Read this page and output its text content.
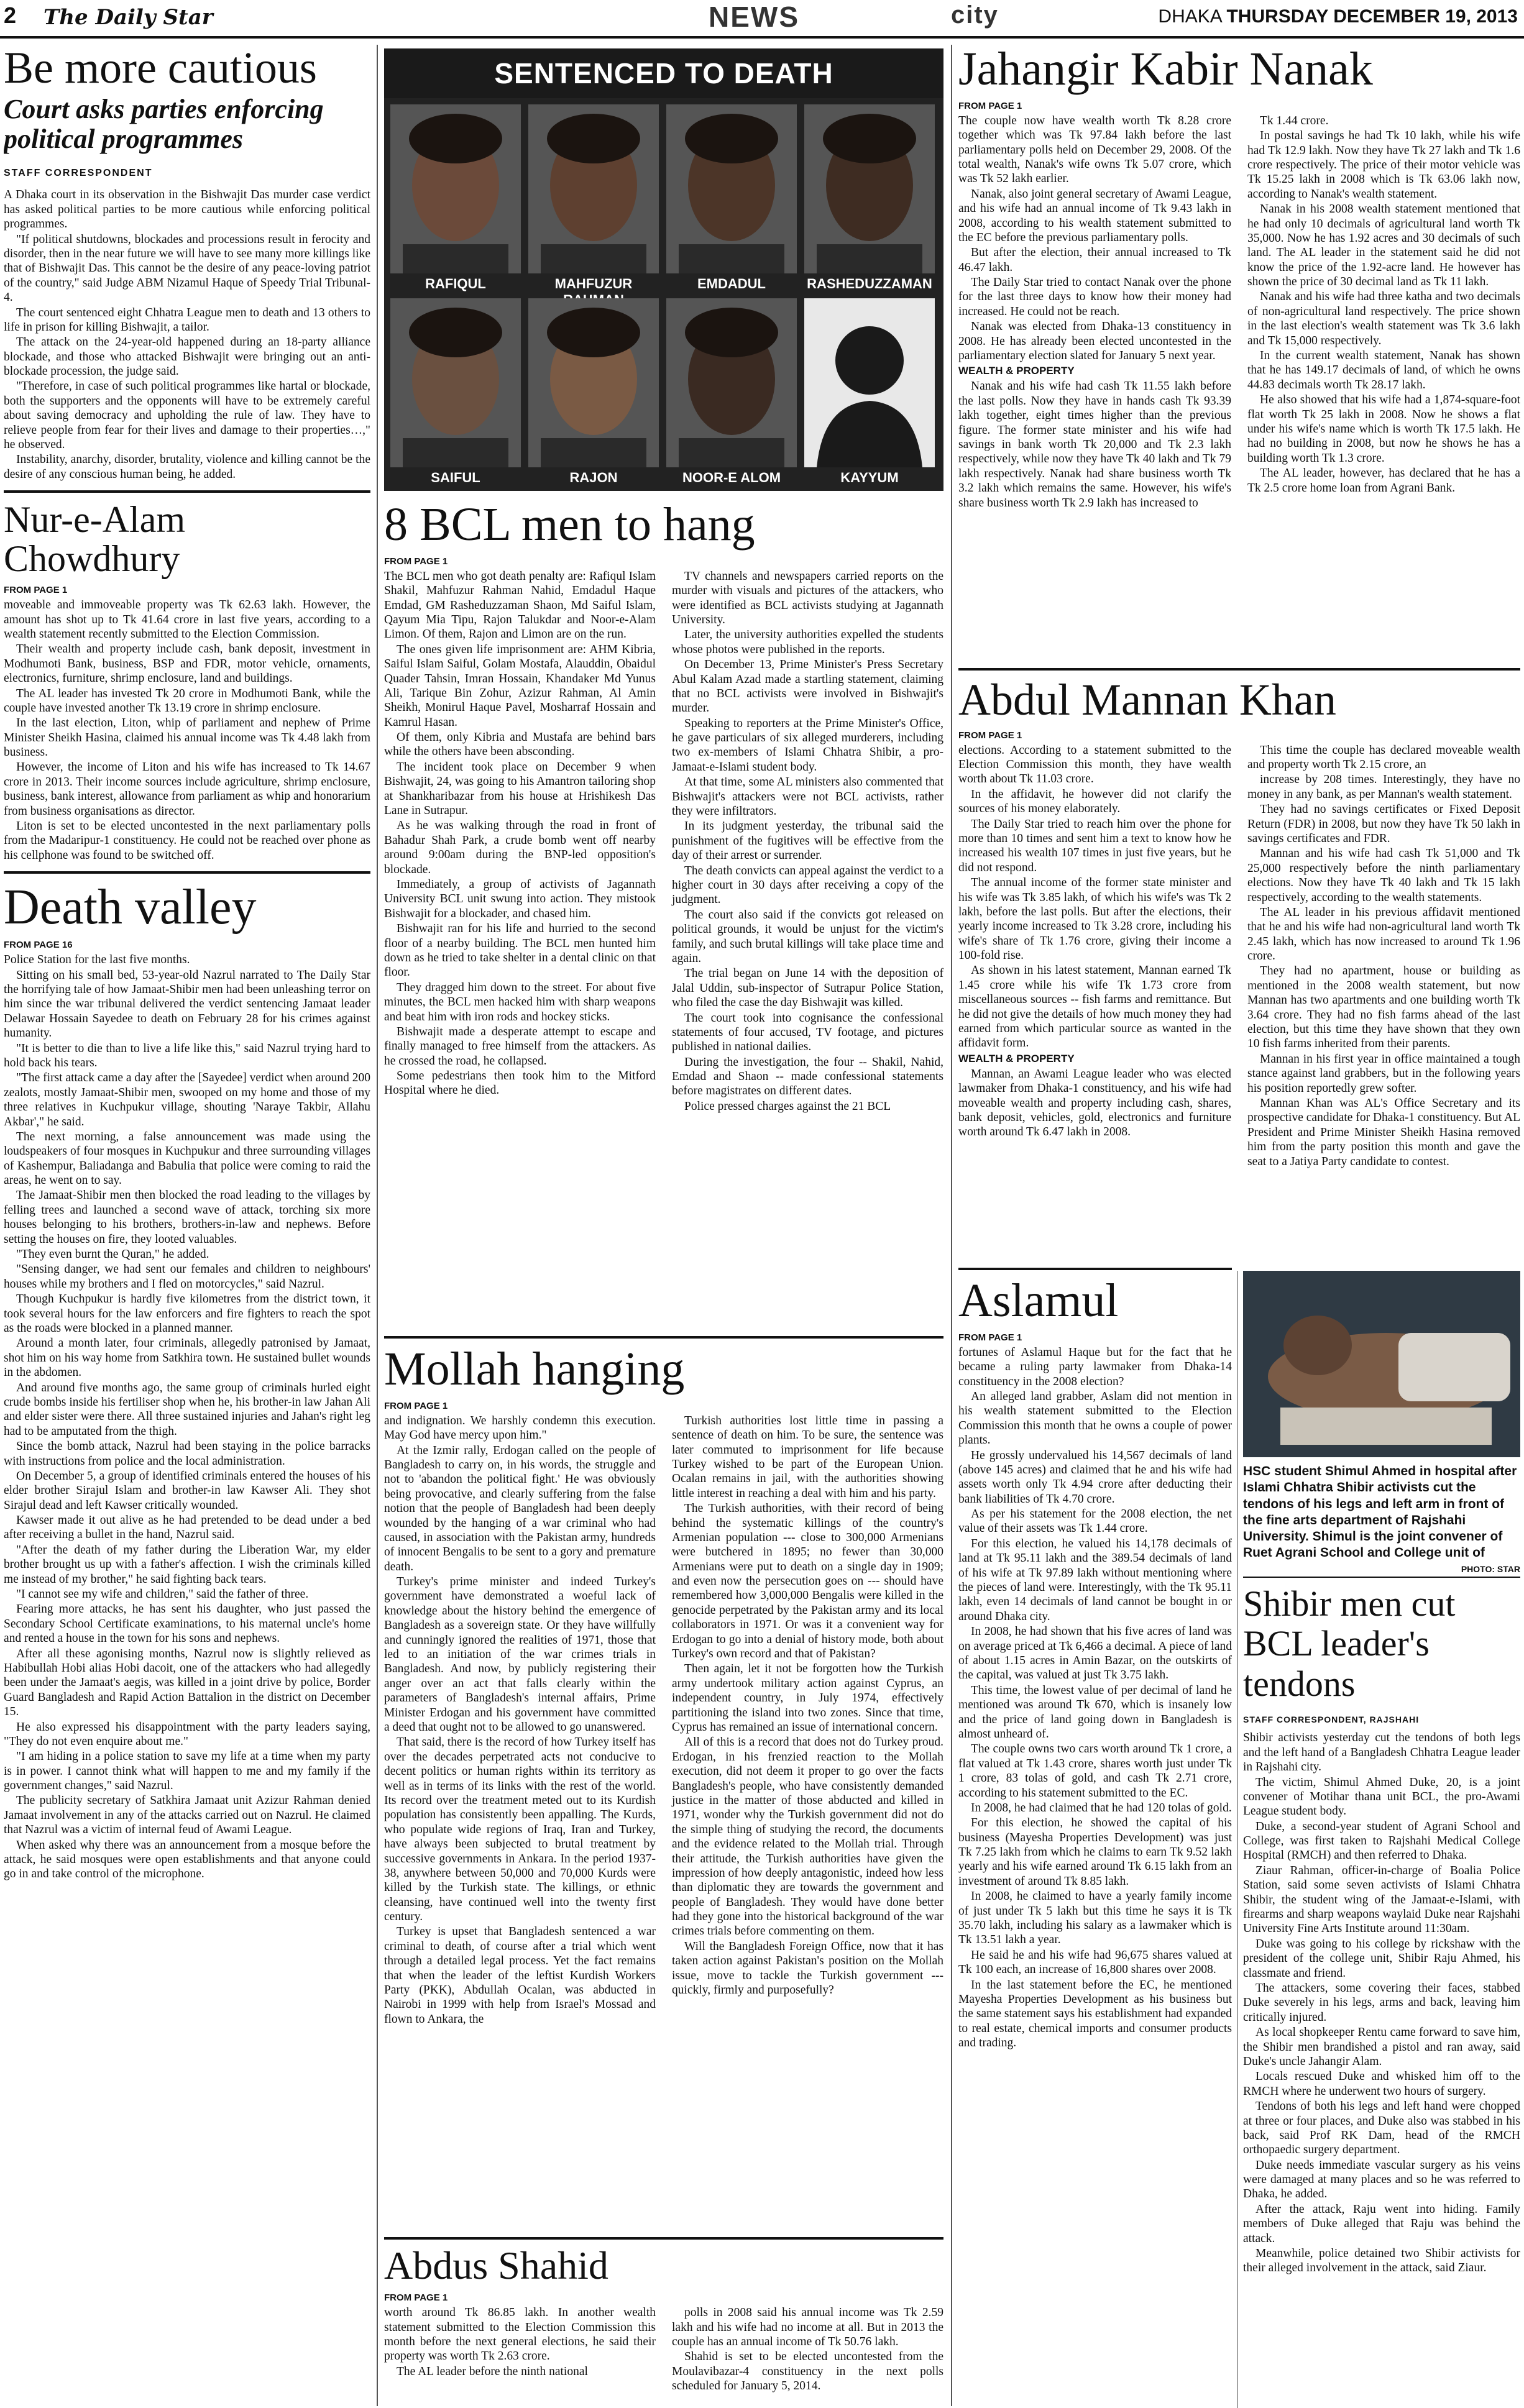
2 The Daily Star	NEWS	city	DHAKA THURSDAY DECEMBER 19, 2013
Be more cautious
Court asks parties enforcing political programmes
STAFF CORRESPONDENT

A Dhaka court in its observation in the Bishwajit Das murder case verdict has asked political parties to be more cautious while enforcing political programmes.

"If political shutdowns, blockades and processions result in ferocity and disorder, then in the near future we will have to see many more killings like that of Bishwajit Das. This cannot be the desire of any peace-loving patriot of the country," said Judge ABM Nizamul Haque of Speedy Trial Tribunal-4.

The court sentenced eight Chhatra League men to death and 13 others to life in prison for killing Bishwajit, a tailor.

The attack on the 24-year-old happened during an 18-party alliance blockade, and those who attacked Bishwajit were bringing out an anti-blockade procession, the judge said.

"Therefore, in case of such political programmes like hartal or blockade, both the supporters and the opponents will have to be extremely careful about saving democracy and upholding the rule of law. They have to relieve people from fear for their lives and damage to their properties…," he observed.

Instability, anarchy, disorder, brutality, violence and killing cannot be the desire of any conscious human being, he added.

Nur-e-Alam Chowdhury
FROM PAGE 1

moveable and immoveable property was Tk 62.63 lakh. However, the amount has shot up to Tk 41.64 crore in last five years, according to a wealth statement recently submitted to the Election Commission.

Their wealth and property include cash, bank deposit, investment in Modhumoti Bank, business, BSP and FDR, motor vehicle, ornaments, electronics, furniture, shrimp enclosure, land and buildings.

The AL leader has invested Tk 20 crore in Modhumoti Bank, while the couple have invested another Tk 13.19 crore in shrimp enclosure.

In the last election, Liton, whip of parliament and nephew of Prime Minister Sheikh Hasina, claimed his annual income was Tk 4.48 lakh from business.

However, the income of Liton and his wife has increased to Tk 14.67 crore in 2013. Their income sources include agriculture, shrimp enclosure, business, bank interest, allowance from parliament as whip and honorarium from business organisations as director.

Liton is set to be elected uncontested in the next parliamentary polls from the Madaripur-1 constituency. He could not be reached over phone as his cellphone was found to be switched off.

Death valley
FROM PAGE 16

Police Station for the last five months.

Sitting on his small bed, 53-year-old Nazrul narrated to The Daily Star the horrifying tale of how Jamaat-Shibir men had been unleashing terror on him since the war tribunal delivered the verdict sentencing Jamaat leader Delawar Hossain Sayedee to death on February 28 for his crimes against humanity.

"It is better to die than to live a life like this," said Nazrul trying hard to hold back his tears.

"The first attack came a day after the [Sayedee] verdict when around 200 zealots, mostly Jamaat-Shibir men, swooped on my home and those of my three relatives in Kuchpukur village, shouting 'Naraye Takbir, Allahu Akbar'," he said.

The next morning, a false announcement was made using the loudspeakers of four mosques in Kuchpukur and three surrounding villages of Kashempur, Baliadanga and Babulia that police were coming to raid the areas, he went on to say.

The Jamaat-Shibir men then blocked the road leading to the villages by felling trees and launched a second wave of attack, torching six more houses belonging to his brothers, brothers-in-law and nephews. Before setting the houses on fire, they looted valuables.

"They even burnt the Quran," he added.

"Sensing danger, we had sent our females and children to neighbours' houses while my brothers and I fled on motorcycles," said Nazrul.

Though Kuchpukur is hardly five kilometres from the district town, it took several hours for the law enforcers and fire fighters to reach the spot as the roads were blocked in a planned manner.

Around a month later, four criminals, allegedly patronised by Jamaat, shot him on his way home from Satkhira town. He sustained bullet wounds in the abdomen.

And around five months ago, the same group of criminals hurled eight crude bombs inside his fertiliser shop when he, his brother-in law Jahan Ali and elder sister were there. All three sustained injuries and Jahan's right leg had to be amputated from the thigh.

Since the bomb attack, Nazrul had been staying in the police barracks with instructions from police and the local administration.

On December 5, a group of identified criminals entered the houses of his elder brother Sirajul Islam and brother-in law Kawser Ali. They shot Sirajul dead and left Kawser critically wounded.

Kawser made it out alive as he had pretended to be dead under a bed after receiving a bullet in the hand, Nazrul said.

"After the death of my father during the Liberation War, my elder brother brought us up with a father's affection. I wish the criminals killed me instead of my brother," he said fighting back tears.

"I cannot see my wife and children," said the father of three.

Fearing more attacks, he has sent his daughter, who just passed the Secondary School Certificate examinations, to his maternal uncle's home and rented a house in the town for his sons and nephews.

After all these agonising months, Nazrul now is slightly relieved as Habibullah Hobi alias Hobi dacoit, one of the attackers who had allegedly been under the Jamaat's aegis, was killed in a joint drive by police, Border Guard Bangladesh and Rapid Action Battalion in the district on December 15.

He also expressed his disappointment with the party leaders saying, "They do not even enquire about me."

"I am hiding in a police station to save my life at a time when my party is in power. I cannot think what will happen to me and my family if the government changes," said Nazrul.

The publicity secretary of Satkhira Jamaat unit Azizur Rahman denied Jamaat involvement in any of the attacks carried out on Nazrul. He claimed that Nazrul was a victim of internal feud of Awami League.

When asked why there was an announcement from a mosque before the attack, he said mosques were open establishments and that anyone could go in and take control of the microphone.

SENTENCED TO DEATH
RAFIQUL	MAHFUZUR	EMDADUL	RASHEDUZZAMAN
SAIFUL	RAJON	NOOR-E ALOM	KAYYUM
8 BCL men to hang
FROM PAGE 1

The BCL men who got death penalty are: Rafiqul Islam Shakil, Mahfuzur Rahman Nahid, Emdadul Haque Emdad, GM Rasheduzzaman Shaon, Md Saiful Islam, Qayum Mia Tipu, Rajon Talukdar and Noor-e-Alam Limon. Of them, Rajon and Limon are on the run.

The ones given life imprisonment are: AHM Kibria, Saiful Islam Saiful, Golam Mostafa, Alauddin, Obaidul Quader Tahsin, Imran Hossain, Khandaker Md Yunus Ali, Tarique Bin Zohur, Azizur Rahman, Al Amin Sheikh, Monirul Haque Pavel, Mosharraf Hossain and Kamrul Hasan.

Of them, only Kibria and Mustafa are behind bars while the others have been absconding.

The incident took place on December 9 when Bishwajit, 24, was going to his Amantron tailoring shop at Shankharibazar from his house at Hrishikesh Das Lane in Sutrapur.

As he was walking through the road in front of Bahadur Shah Park, a crude bomb went off nearby around 9:00am during the BNP-led opposition's blockade.

Immediately, a group of activists of Jagannath University BCL unit swung into action. They mistook Bishwajit for a blockader, and chased him.

Bishwajit ran for his life and hurried to the second floor of a nearby building. The BCL men hunted him down as he tried to take shelter in a dental clinic on that floor.

They dragged him down to the street. For about five minutes, the BCL men hacked him with sharp weapons and beat him with iron rods and hockey sticks.

Bishwajit made a desperate attempt to escape and finally managed to free himself from the attackers. As he crossed the road, he collapsed.

Some pedestrians then took him to the Mitford Hospital where he died.

TV channels and newspapers carried reports on the murder with visuals and pictures of the attackers, who were identified as BCL activists studying at Jagannath University.

Later, the university authorities expelled the students whose photos were published in the reports.

On December 13, Prime Minister's Press Secretary Abul Kalam Azad made a startling statement, claiming that no BCL activists were involved in Bishwajit's murder.

Speaking to reporters at the Prime Minister's Office, he gave particulars of six alleged murderers, including two ex-members of Islami Chhatra Shibir, a pro-Jamaat-e-Islami student body.

At that time, some AL ministers also commented that Bishwajit's attackers were not BCL activists, rather they were infiltrators.

In its judgment yesterday, the tribunal said the punishment of the fugitives will be effective from the day of their arrest or surrender.

The death convicts can appeal against the verdict to a higher court in 30 days after receiving a copy of the judgment.

The court also said if the convicts got released on political grounds, it would be unjust for the victim's family, and such brutal killings will take place time and again.

The trial began on June 14 with the deposition of Jalal Uddin, sub-inspector of Sutrapur Police Station, who filed the case the day Bishwajit was killed.

The court took into cognisance the confessional statements of four accused, TV footage, and pictures published in national dailies.

During the investigation, the four -- Shakil, Nahid, Emdad and Shaon -- made confessional statements before magistrates on different dates.

Police pressed charges against the 21 BCL

Mollah hanging
FROM PAGE 1

and indignation. We harshly condemn this execution. May God have mercy upon him."

At the Izmir rally, Erdogan called on the people of Bangladesh to carry on, in his words, the struggle and not to 'abandon the political fight.' He was obviously being provocative, and clearly suffering from the false notion that the people of Bangladesh had been deeply wounded by the hanging of a war criminal who had caused, in association with the Pakistan army, hundreds of innocent Bengalis to be sent to a gory and premature death.

Turkey's prime minister and indeed Turkey's government have demonstrated a woeful lack of knowledge about the history behind the emergence of Bangladesh as a sovereign state. Or they have willfully and cunningly ignored the realities of 1971, those that led to an initiation of the war crimes trials in Bangladesh. And now, by publicly registering their anger over an act that falls clearly within the parameters of Bangladesh's internal affairs, Prime Minister Erdogan and his government have committed a deed that ought not to be allowed to go unanswered.

That said, there is the record of how Turkey itself has over the decades perpetrated acts not conducive to decent politics or human rights within its territory as well as in terms of its links with the rest of the world. Its record over the treatment meted out to its Kurdish population has consistently been appalling. The Kurds, who populate wide regions of Iraq, Iran and Turkey, have always been subjected to brutal treatment by successive governments in Ankara. In the period 1937-38, anywhere between 50,000 and 70,000 Kurds were killed by the Turkish state. The killings, or ethnic cleansing, have continued well into the twenty first century.

Turkey is upset that Bangladesh sentenced a war criminal to death, of course after a trial which went through a detailed legal process. Yet the fact remains that when the leader of the leftist Kurdish Workers Party (PKK), Abdullah Ocalan, was abducted in Nairobi in 1999 with help from Israel's Mossad and flown to Ankara, the

Turkish authorities lost little time in passing a sentence of death on him. To be sure, the sentence was later commuted to imprisonment for life because Turkey wished to be part of the European Union. Ocalan remains in jail, with the authorities showing little interest in reaching a deal with him and his party.

The Turkish authorities, with their record of being behind the systematic killings of the country's Armenian population --- close to 300,000 Armenians were butchered in 1895; no fewer than 30,000 Armenians were put to death on a single day in 1909; and even now the persecution goes on --- should have remembered how 3,000,000 Bengalis were killed in the genocide perpetrated by the Pakistan army and its local collaborators in 1971. Or was it a convenient way for Erdogan to go into a denial of history mode, both about Turkey's own record and that of Pakistan?

Then again, let it not be forgotten how the Turkish army undertook military action against Cyprus, an independent country, in July 1974, effectively partitioning the island into two zones. Since that time, Cyprus has remained an issue of international concern.

All of this is a record that does not do Turkey proud. Erdogan, in his frenzied reaction to the Mollah execution, did not deem it proper to go over the facts Bangladesh's people, who have consistently demanded justice in the matter of those abducted and killed in 1971, wonder why the Turkish government did not do the simple thing of studying the record, the documents and the evidence related to the Mollah trial. Through their attitude, the Turkish authorities have given the impression of how deeply antagonistic, indeed how less than diplomatic they are towards the government and people of Bangladesh. They would have done better had they gone into the historical background of the war crimes trials before commenting on them.

Will the Bangladesh Foreign Office, now that it has taken action against Pakistan's position on the Mollah issue, move to tackle the Turkish government --- quickly, firmly and purposefully?

Abdus Shahid
FROM PAGE 1

worth around Tk 86.85 lakh. In another wealth statement submitted to the Election Commission this month before the next general elections, he said their property was worth Tk 2.63 crore.

The AL leader before the ninth national

polls in 2008 said his annual income was Tk 2.59 lakh and his wife had no income at all. But in 2013 the couple has an annual income of Tk 50.76 lakh.

Shahid is set to be elected uncontested from the Moulavibazar-4 constituency in the next polls scheduled for January 5, 2014.

Jahangir Kabir Nanak
FROM PAGE 1

The couple now have wealth worth Tk 8.28 crore together which was Tk 97.84 lakh before the last parliamentary polls held on December 29, 2008. Of the total wealth, Nanak's wife owns Tk 5.07 crore, which was Tk 52 lakh earlier.

Nanak, also joint general secretary of Awami League, and his wife had an annual income of Tk 9.43 lakh in 2008, according to his wealth statement submitted to the EC before the previous parliamentary polls.

But after the election, their annual increased to Tk 46.47 lakh.

The Daily Star tried to contact Nanak over the phone for the last three days to know how their money had increased. He could not be reach.

Nanak was elected from Dhaka-13 constituency in 2008. He has already been elected uncontested in the parliamentary election slated for January 5 next year.

WEALTH & PROPERTY

Nanak and his wife had cash Tk 11.55 lakh before the last polls. Now they have in hands cash Tk 93.39 lakh together, eight times higher than the previous figure. The former state minister and his wife had savings in bank worth Tk 20,000 and Tk 2.3 lakh respectively, while now they have Tk 40 lakh and Tk 79 lakh respectively. Nanak had share business worth Tk 3.2 lakh which remains the same. However, his wife's share business worth Tk 2.9 lakh has increased to

Tk 1.44 crore.

In postal savings he had Tk 10 lakh, while his wife had Tk 12.9 lakh. Now they have Tk 27 lakh and Tk 1.6 crore respectively. The price of their motor vehicle was Tk 15.25 lakh in 2008 which is Tk 63.06 lakh now, according to Nanak's wealth statement.

Nanak in his 2008 wealth statement mentioned that he had only 10 decimals of agricultural land worth Tk 35,000. Now he has 1.92 acres and 30 decimals of such land. The AL leader in the statement said he did not know the price of the 1.92-acre land. He however has shown the price of 30 decimal land as Tk 11 lakh.

Nanak and his wife had three katha and two decimals of non-agricultural land respectively. The price shown in the last election's wealth statement was Tk 3.6 lakh and Tk 15,000 respectively.

In the current wealth statement, Nanak has shown that he has 149.17 decimals of land, of which he owns 44.83 decimals worth Tk 28.17 lakh.

He also showed that his wife had a 1,874-square-foot flat worth Tk 25 lakh in 2008. Now he shows a flat under his wife's name which is worth Tk 17.5 lakh. He had no building in 2008, but now he shows he has a building worth Tk 1.3 crore.

The AL leader, however, has declared that he has a Tk 2.5 crore home loan from Agrani Bank.

Abdul Mannan Khan
FROM PAGE 1

elections. According to a statement submitted to the Election Commission this month, they have wealth worth about Tk 11.03 crore.

In the affidavit, he however did not clarify the sources of his money elaborately.

The Daily Star tried to reach him over the phone for more than 10 times and sent him a text to know how he increased his wealth 107 times in just five years, but he did not respond.

The annual income of the former state minister and his wife was Tk 3.85 lakh, of which his wife's was Tk 2 lakh, before the last polls. But after the elections, their yearly income increased to Tk 3.28 crore, including his wife's share of Tk 1.76 crore, giving their income a 100-fold rise.

As shown in his latest statement, Mannan earned Tk 1.45 crore while his wife Tk 1.73 crore from miscellaneous sources -- fish farms and remittance. But he did not give the details of how much money they had earned from which particular source as wanted in the affidavit form.

WEALTH & PROPERTY

Mannan, an Awami League leader who was elected lawmaker from Dhaka-1 constituency, and his wife had moveable wealth and property including cash, shares, bank deposit, vehicles, gold, electronics and furniture worth around Tk 6.47 lakh in 2008.

This time the couple has declared moveable wealth and property worth Tk 2.15 crore, an

increase by 208 times. Interestingly, they have no money in any bank, as per Mannan's wealth statement.

They had no savings certificates or Fixed Deposit Return (FDR) in 2008, but now they have Tk 50 lakh in savings certificates and FDR.

Mannan and his wife had cash Tk 51,000 and Tk 25,000 respectively before the ninth parliamentary elections. Now they have Tk 40 lakh and Tk 15 lakh respectively, according to the wealth statements.

The AL leader in his previous affidavit mentioned that he and his wife had non-agricultural land worth Tk 2.45 lakh, which has now increased to around Tk 1.96 crore.

They had no apartment, house or building as mentioned in the 2008 wealth statement, but now Mannan has two apartments and one building worth Tk 3.64 crore. They had no fish farms ahead of the last election, but this time they have shown that they own 10 fish farms inherited from their parents.

Mannan in his first year in office maintained a tough stance against land grabbers, but in the following years his position reportedly grew softer.

Mannan Khan was AL's Office Secretary and its prospective candidate for Dhaka-1 constituency. But AL President and Prime Minister Sheikh Hasina removed him from the party position this month and gave the seat to a Jatiya Party candidate to contest.

Aslamul
FROM PAGE 1

fortunes of Aslamul Haque but for the fact that he became a ruling party lawmaker from Dhaka-14 constituency in the 2008 election?

An alleged land grabber, Aslam did not mention in his wealth statement submitted to the Election Commission this month that he owns a couple of power plants.

He grossly undervalued his 14,567 decimals of land (above 145 acres) and claimed that he and his wife had assets worth only Tk 4.94 crore after deducting their bank liabilities of Tk 4.70 crore.

As per his statement for the 2008 election, the net value of their assets was Tk 1.44 crore.

For this election, he valued his 14,178 decimals of land at Tk 95.11 lakh and the 389.54 decimals of land of his wife at Tk 97.89 lakh without mentioning where the pieces of land were. Interestingly, with the Tk 95.11 lakh, even 14 decimals of land cannot be bought in or around Dhaka city.

In 2008, he had shown that his five acres of land was on average priced at Tk 6,466 a decimal. A piece of land of about 1.15 acres in Amin Bazar, on the outskirts of the capital, was valued at just Tk 3.75 lakh.

This time, the lowest value of per decimal of land he mentioned was around Tk 670, which is insanely low and the price of land going down in Bangladesh is almost unheard of.

The couple owns two cars worth around Tk 1 crore, a flat valued at Tk 1.43 crore, shares worth just under Tk 1 crore, 83 tolas of gold, and cash Tk 2.71 crore, according to his statement submitted to the EC.

In 2008, he had claimed that he had 120 tolas of gold.

For this election, he showed the capital of his business (Mayesha Properties Development) was just Tk 7.25 lakh from which he claims to earn Tk 9.52 lakh yearly and his wife earned around Tk 6.15 lakh from an investment of around Tk 8.85 lakh.

In 2008, he claimed to have a yearly family income of just under Tk 5 lakh but this time he says it is Tk 35.70 lakh, including his salary as a lawmaker which is Tk 13.51 lakh a year.

He said he and his wife had 96,675 shares valued at Tk 100 each, an increase of 16,800 shares over 2008.

In the last statement before the EC, he mentioned Mayesha Properties Development as his business but the same statement says his establishment had expanded to real estate, chemical imports and consumer products and trading.

HSC student Shimul Ahmed in hospital after Islami Chhatra Shibir activists cut the tendons of his legs and left arm in front of the fine arts department of Rajshahi University. Shimul is the joint convener of Ruet Agrani School and College unit of
PHOTO: STAR
Shibir men cut BCL leader's tendons
STAFF CORRESPONDENT, RAJSHAHI

Shibir activists yesterday cut the tendons of both legs and the left hand of a Bangladesh Chhatra League leader in Rajshahi city.

The victim, Shimul Ahmed Duke, 20, is a joint convener of Motihar thana unit BCL, the pro-Awami League student body.

Duke, a second-year student of Agrani School and College, was first taken to Rajshahi Medical College Hospital (RMCH) and then referred to Dhaka.

Ziaur Rahman, officer-in-charge of Boalia Police Station, said some seven activists of Islami Chhatra Shibir, the student wing of the Jamaat-e-Islami, with firearms and sharp weapons waylaid Duke near Rajshahi University Fine Arts Institute around 11:30am.

Duke was going to his college by rickshaw with the president of the college unit, Shibir Raju Ahmed, his classmate and friend.

The attackers, some covering their faces, stabbed Duke severely in his legs, arms and back, leaving him critically injured.

As local shopkeeper Rentu came forward to save him, the Shibir men brandished a pistol and ran away, said Duke's uncle Jahangir Alam.

Locals rescued Duke and whisked him off to the RMCH where he underwent two hours of surgery.

Tendons of both his legs and left hand were chopped at three or four places, and Duke also was stabbed in his back, said Prof RK Dam, head of the RMCH orthopaedic surgery department.

Duke needs immediate vascular surgery as his veins were damaged at many places and so he was referred to Dhaka, he added.

After the attack, Raju went into hiding. Family members of Duke alleged that Raju was behind the attack.

Meanwhile, police detained two Shibir activists for their alleged involvement in the attack, said Ziaur.
